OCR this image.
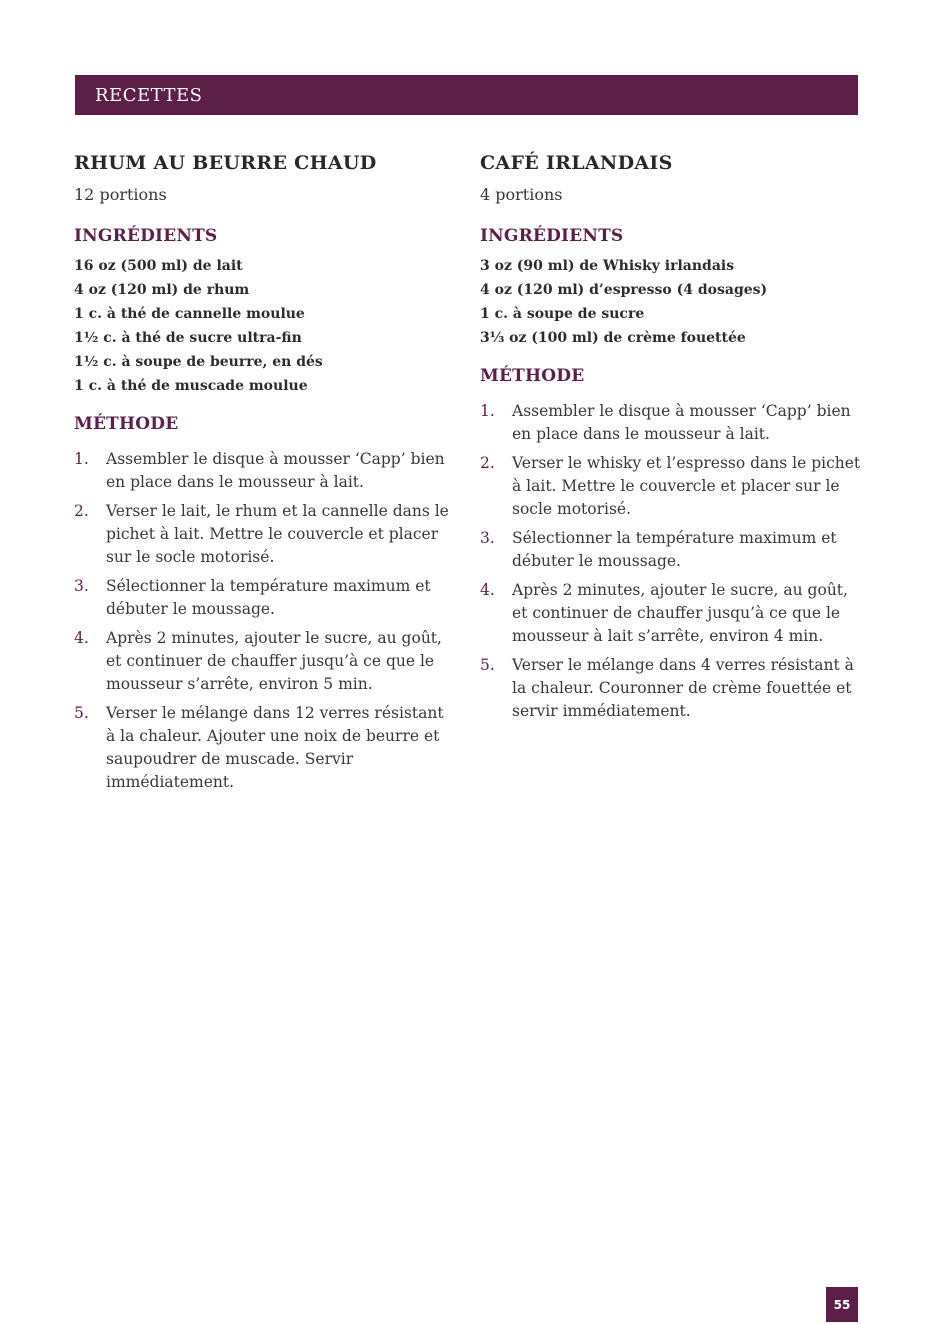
RECETTES
RHUM AU BEURRE CHAUD
12 portions
INGRÉDIENTS
16 oz (500 ml) de lait
4 oz (120 ml) de rhum
1 c. à thé de cannelle moulue
1½ c. à thé de sucre ultra-fin
1½ c. à soupe de beurre, en dés
1 c. à thé de muscade moulue
MÉTHODE
1.	Assembler le disque à mousser ‘Capp’ bien en place dans le mousseur à lait.
2.	Verser le lait, le rhum et la cannelle dans le pichet à lait. Mettre le couvercle et placer sur le socle motorisé.
3.	Sélectionner la température maximum et débuter le moussage.
4.	Après 2 minutes, ajouter le sucre, au goût, et continuer de chauffer jusqu’à ce que le mousseur s’arrête, environ 5 min.
5.	Verser le mélange dans 12 verres résistant à la chaleur. Ajouter une noix de beurre et saupoudrer de muscade. Servir immédiatement.
CAFÉ IRLANDAIS
4 portions
INGRÉDIENTS
3 oz (90 ml) de Whisky irlandais
4 oz (120 ml) d’espresso (4 dosages)
1 c. à soupe de sucre
3⅓ oz (100 ml) de crème fouettée
MÉTHODE
1.	Assembler le disque à mousser ‘Capp’ bien en place dans le mousseur à lait.
2.	Verser le whisky et l’espresso dans le pichet à lait. Mettre le couvercle et placer sur le socle motorisé.
3.	Sélectionner la température maximum et débuter le moussage.
4.	Après 2 minutes, ajouter le sucre, au goût, et continuer de chauffer jusqu’à ce que le mousseur à lait s’arrête, environ 4 min.
5.	Verser le mélange dans 4 verres résistant à la chaleur. Couronner de crème fouettée et servir immédiatement.
55
